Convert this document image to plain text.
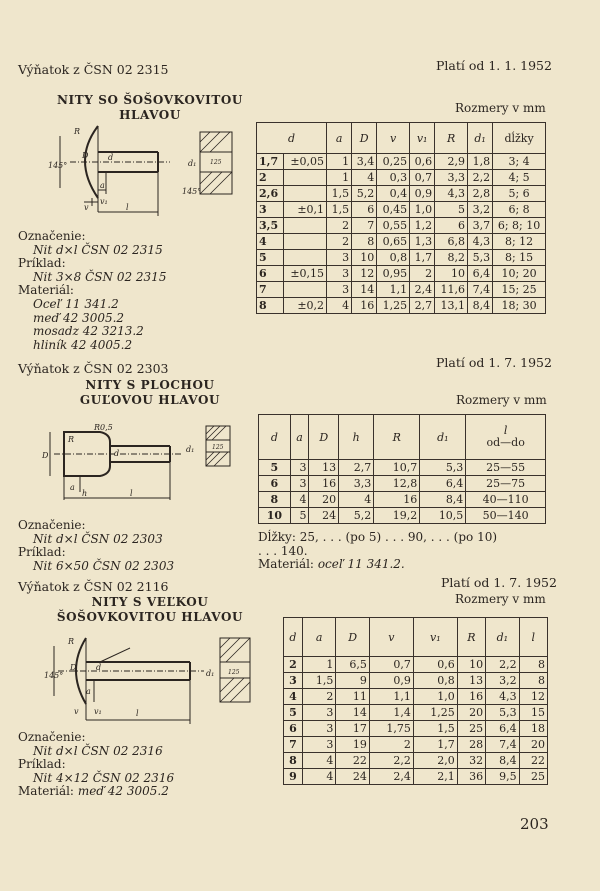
Výňatok z ČSN 02 2315	Platí od 1. 1. 1952
NITY SO ŠOŠOVKOVITOU
HLAVOU	Rozmery v mm
145°
D d
R
a
v
v₁
l
d₁ 125
145°
Označenie:
Nit d×l ČSN 02 2315
Príklad:
Nit 3×8 ČSN 02 2315
Materiál:
Oceľ 11 341.2
meď 42 3005.2
mosadz 42 3213.2
hliník 42 4005.2
d		a	D	v	v₁	R	d₁	dĺžky
1,7	±0,05	1	3,4	0,25	0,6	2,9	1,8	3; 4
2		1	4	0,3	0,7	3,3	2,2	4; 5
2,6		1,5	5,2	0,4	0,9	4,3	2,8	5; 6
3	±0,1	1,5	6	0,45	1,0	5	3,2	6; 8
3,5		2	7	0,55	1,2	6	3,7	6; 8; 10
4		2	8	0,65	1,3	6,8	4,3	8; 12
5		3	10	0,8	1,7	8,2	5,3	8; 15
6	±0,15	3	12	0,95	2	10	6,4	10; 20
7		3	14	1,1	2,4	11,6	7,4	15; 25
8	±0,2	4	16	1,25	2,7	13,1	8,4	18; 30
Výňatok z ČSN 02 2303	Platí od 1. 7. 1952
NITY S PLOCHOU
GUĽOVOU HLAVOU	Rozmery v mm
D
R
R0,5
d
a
h	l
d₁	125
Označenie:
Nit d×l ČSN 02 2303
Príklad:
Nit 6×50 ČSN 02 2303
d	a	D	h	R	d₁	l
od—do

5	3	13	2,7	10,7	5,3	25—55
6	3	16	3,3	12,8	6,4	25—75
8	4	20	4	16	8,4	40—110
10	5	24	5,2	19,2	10,5	50—140
Dĺžky: 25, . . . (po 5) . . . 90, . . . (po 10)
. . . 140.
Materiál: oceľ 11 341.2.
Výňatok z ČSN 02 2116	Platí od 1. 7. 1952
NITY S VEĽKOU
ŠOŠOVKOVITOU HLAVOU
Rozmery v mm
145°
D d
R
a
v v₁	l
d₁ 125
Označenie:
Nit d×l ČSN 02 2316
Príklad:
Nit 4×12 ČSN 02 2316
Materiál: meď 42 3005.2
d	a	D	v	v₁	R	d₁	l
2	1	6,5	0,7	0,6	10	2,2	8
3	1,5	9	0,9	0,8	13	3,2	8
4	2	11	1,1	1,0	16	4,3	12
5	3	14	1,4	1,25	20	5,3	15
6	3	17	1,75	1,5	25	6,4	18
7	3	19	2	1,7	28	7,4	20
8	4	22	2,2	2,0	32	8,4	22
9	4	24	2,4	2,1	36	9,5	25
203
